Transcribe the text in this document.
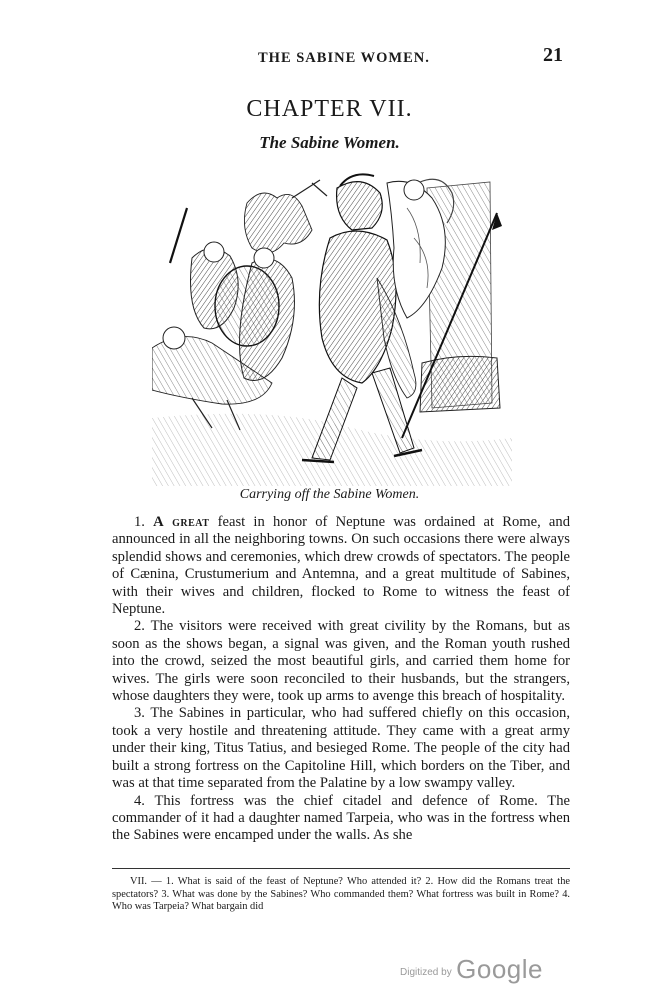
THE SABINE WOMEN.	21
CHAPTER VII.
The Sabine Women.
Carrying off the Sabine Women.

1. A great feast in honor of Neptune was ordained at Rome, and announced in all the neighboring towns. On such occasions there were always splendid shows and ceremonies, which drew crowds of spectators. The people of Cænina, Crustumerium and Antemna, and a great multitude of Sabines, with their wives and children, flocked to Rome to witness the feast of Neptune.

2. The visitors were received with great civility by the Romans, but as soon as the shows began, a signal was given, and the Roman youth rushed into the crowd, seized the most beautiful girls, and carried them home for wives. The girls were soon reconciled to their husbands, but the strangers, whose daughters they were, took up arms to avenge this breach of hospitality.

3. The Sabines in particular, who had suffered chiefly on this occasion, took a very hostile and threatening attitude. They came with a great army under their king, Titus Tatius, and besieged Rome. The people of the city had built a strong fortress on the Capitoline Hill, which borders on the Tiber, and was at that time separated from the Palatine by a low swampy valley.

4. This fortress was the chief citadel and defence of Rome. The commander of it had a daughter named Tarpeia, who was in the fortress when the Sabines were encamped under the walls. As she

VII. — 1. What is said of the feast of Neptune? Who attended it? 2. How did the Romans treat the spectators? 3. What was done by the Sabines? Who commanded them? What fortress was built in Rome? 4. Who was Tarpeia? What bargain did

Digitized by Google
